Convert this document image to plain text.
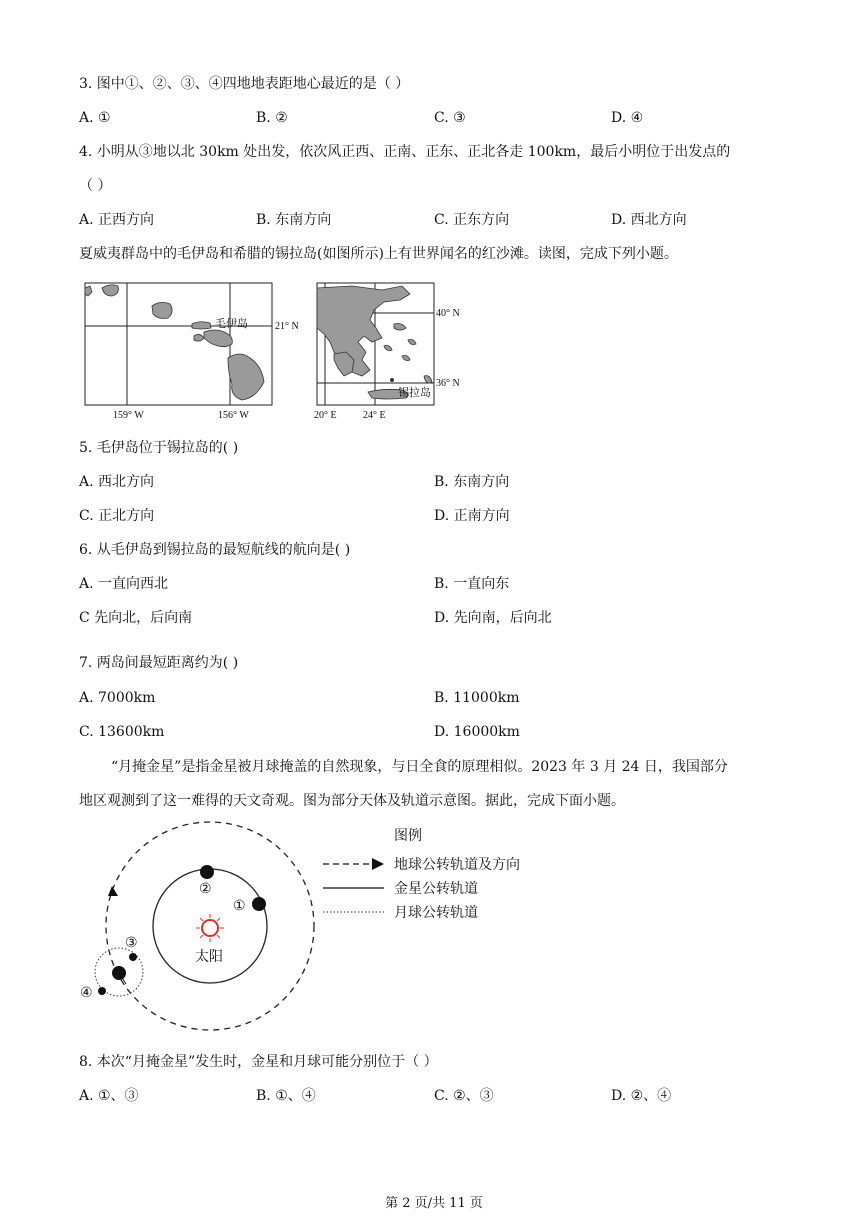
3. 图中①、②、③、④四地地表距地心最近的是（ ）
A. ①	B. ②	C. ③	D. ④
4. 小明从③地以北 30km 处出发，依次风正西、正南、正东、正北各走 100km，最后小明位于出发点的
（ ）
A. 正西方向	B. 东南方向	C. 正东方向	D. 西北方向
夏威夷群岛中的毛伊岛和希腊的锡拉岛(如图所示)上有世界闻名的红沙滩。读图，完成下列小题。
毛伊岛	21° N
159° W	156° W
锡拉岛
40° N
36° N
20° E	24° E
5. 毛伊岛位于锡拉岛的( )
A. 西北方向	B. 东南方向
C. 正北方向	D. 正南方向
6. 从毛伊岛到锡拉岛的最短航线的航向是( )
A. 一直向西北	B. 一直向东
C 先向北，后向南	D. 先向南，后向北
7. 两岛间最短距离约为( )
A. 7000km	B. 11000km
C. 13600km	D. 16000km
“月掩金星”是指金星被月球掩盖的自然现象，与日全食的原理相似。2023 年 3 月 24 日，我国部分
地区观测到了这一难得的天文奇观。图为部分天体及轨道示意图。据此，完成下面小题。
太阳
②
①
③
④
图例
地球公转轨道及方向
金星公转轨道
月球公转轨道
8. 本次“月掩金星”发生时，金星和月球可能分别位于（ ）
A. ①、③	B. ①、④	C. ②、③	D. ②、④
第 2 页/共 11 页
